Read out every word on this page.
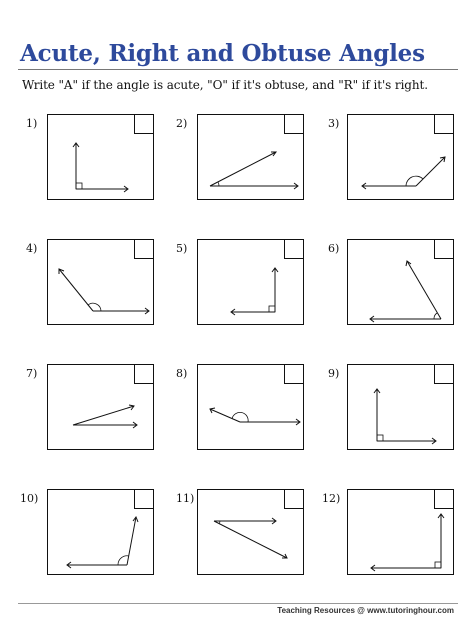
Acute, Right and Obtuse Angles
Write "A" if the angle is acute, "O" if it's obtuse, and "R" if it's right.
1)	2)	3)
4)	5)	6)
7)	8)	9)
10)	11)	12)
Teaching Resources @ www.tutoringhour.com
